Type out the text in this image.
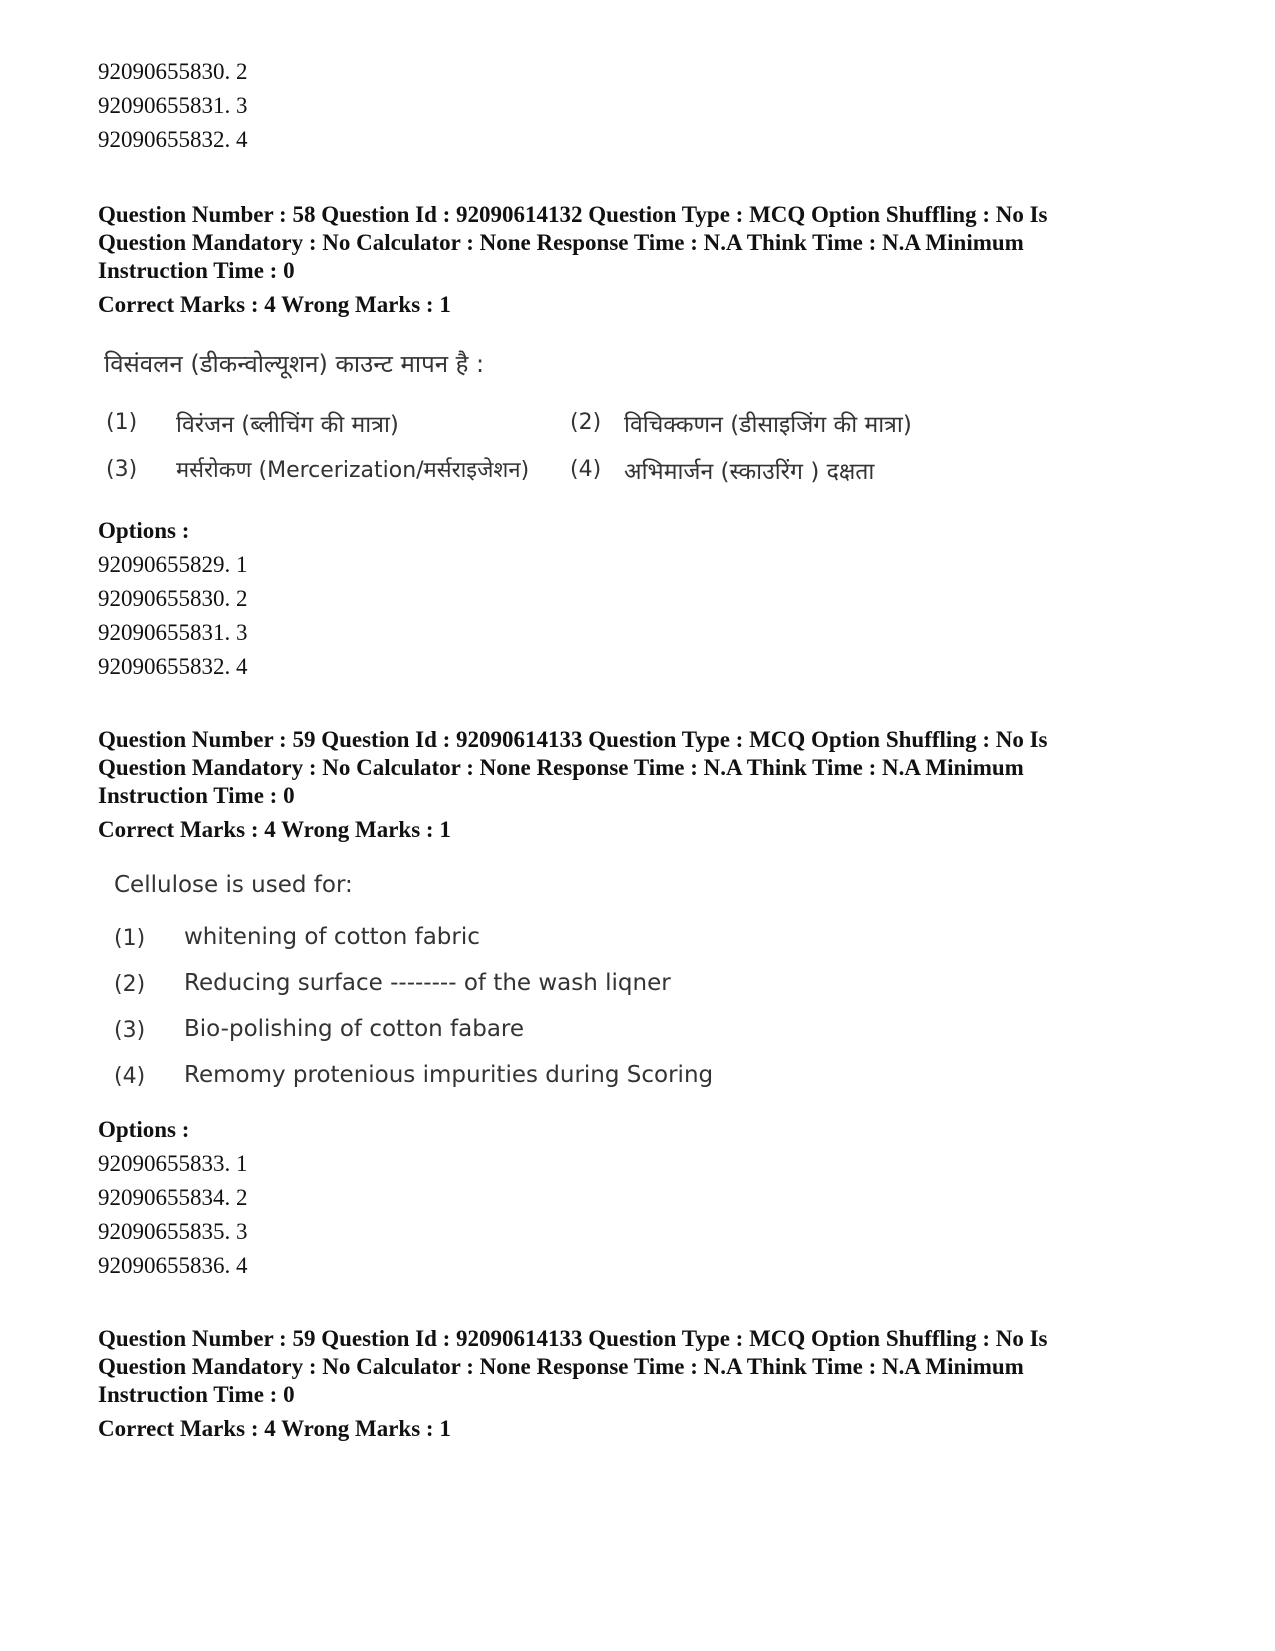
92090655830. 2
92090655831. 3
92090655832. 4
Question Number : 58 Question Id : 92090614132 Question Type : MCQ Option Shuffling : No Is Question Mandatory : No Calculator : None Response Time : N.A Think Time : N.A Minimum Instruction Time : 0
Correct Marks : 4 Wrong Marks : 1
विसंवलन (डीकन्वोल्यूशन) काउन्ट मापन है :
(1) विरंजन (ब्लीचिंग की मात्रा)	(2) विचिक्कणन (डीसाइजिंग की मात्रा)
(3) मर्सरोकण (Mercerization/मर्सराइजेशन) (4) अभिमार्जन (स्काउरिंग ) दक्षता
Options :
92090655829. 1
92090655830. 2
92090655831. 3
92090655832. 4
Question Number : 59 Question Id : 92090614133 Question Type : MCQ Option Shuffling : No Is Question Mandatory : No Calculator : None Response Time : N.A Think Time : N.A Minimum Instruction Time : 0
Correct Marks : 4 Wrong Marks : 1
Cellulose is used for:
(1) whitening of cotton fabric
(2) Reducing surface -------- of the wash liqner
(3) Bio-polishing of cotton fabare
(4) Remomy protenious impurities during Scoring
Options :
92090655833. 1
92090655834. 2
92090655835. 3
92090655836. 4
Question Number : 59 Question Id : 92090614133 Question Type : MCQ Option Shuffling : No Is Question Mandatory : No Calculator : None Response Time : N.A Think Time : N.A Minimum Instruction Time : 0
Correct Marks : 4 Wrong Marks : 1
